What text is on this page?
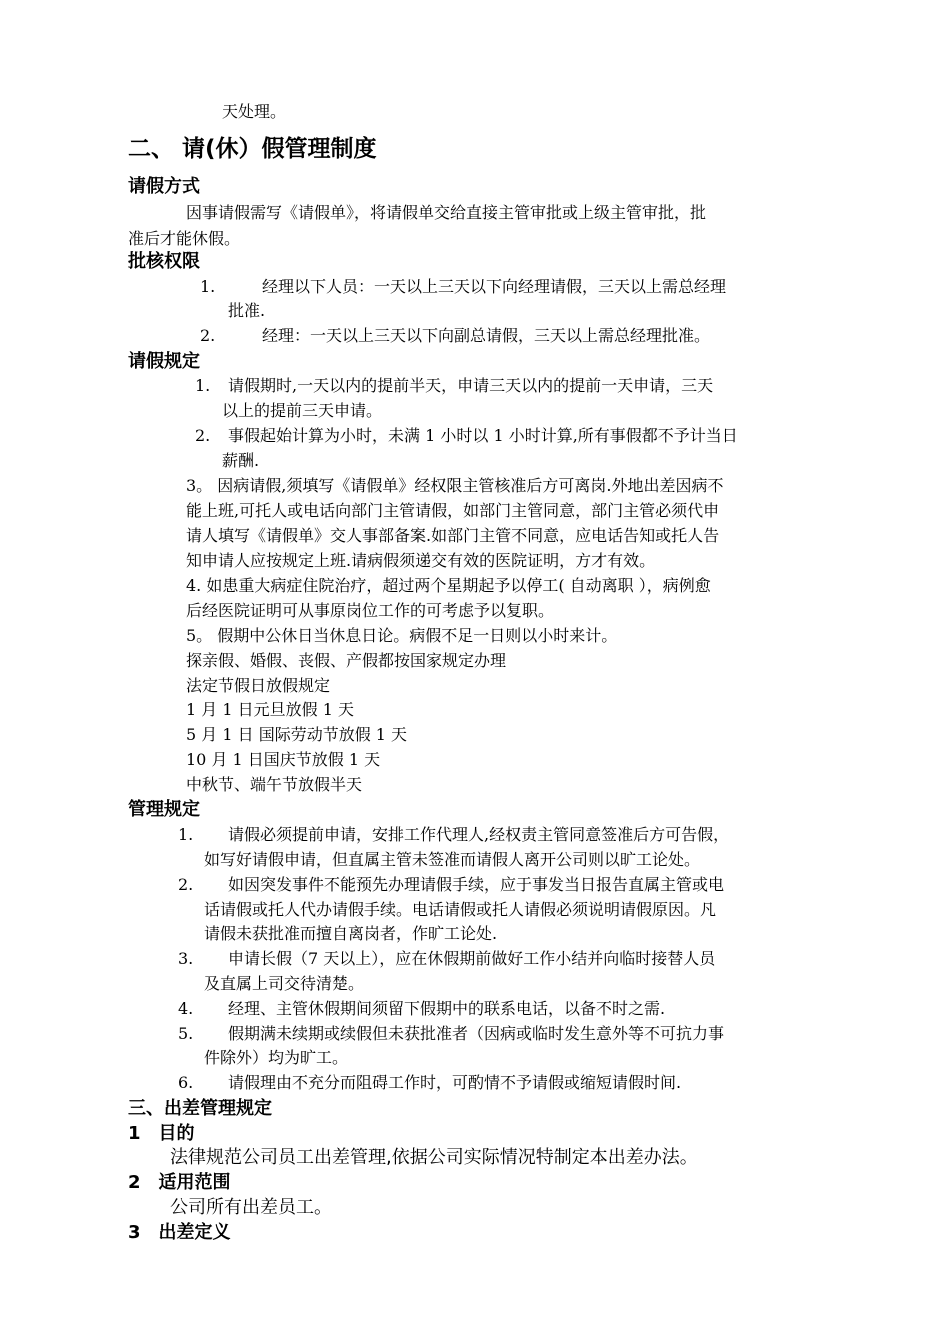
天处理。
二、 请(休）假管理制度
请假方式
因事请假需写《请假单》，将请假单交给直接主管审批或上级主管审批，批
准后才能休假。
批核权限
1.	经理以下人员：一天以上三天以下向经理请假，三天以上需总经理
批准.
2.	经理：一天以上三天以下向副总请假，三天以上需总经理批准。
请假规定
1. 请假期时,一天以内的提前半天，申请三天以内的提前一天申请，三天
以上的提前三天申请。
2. 事假起始计算为小时，未满 1 小时以 1 小时计算,所有事假都不予计当日
薪酬.
3。 因病请假,须填写《请假单》经权限主管核准后方可离岗.外地出差因病不
能上班,可托人或电话向部门主管请假，如部门主管同意，部门主管必须代申
请人填写《请假单》交人事部备案.如部门主管不同意，应电话告知或托人告
知申请人应按规定上班.请病假须递交有效的医院证明，方才有效。
4. 如患重大病症住院治疗，超过两个星期起予以停工( 自动离职 ），病例愈
后经医院证明可从事原岗位工作的可考虑予以复职。
5。 假期中公休日当休息日论。病假不足一日则以小时来计。
探亲假、婚假、丧假、产假都按国家规定办理
法定节假日放假规定
1 月 1 日元旦放假 1 天
5 月 1 日 国际劳动节放假 1 天
10 月 1 日国庆节放假 1 天
中秋节、端午节放假半天
管理规定
1. 请假必须提前申请，安排工作代理人,经权责主管同意签准后方可告假，
如写好请假申请，但直属主管未签准而请假人离开公司则以旷工论处。
2. 如因突发事件不能预先办理请假手续，应于事发当日报告直属主管或电
话请假或托人代办请假手续。电话请假或托人请假必须说明请假原因。凡
请假未获批准而擅自离岗者，作旷工论处.
3. 申请长假（7 天以上），应在休假期前做好工作小结并向临时接替人员
及直属上司交待清楚。
4. 经理、主管休假期间须留下假期中的联系电话，以备不时之需.
5. 假期满未续期或续假但未获批准者（因病或临时发生意外等不可抗力事
件除外）均为旷工。
6. 请假理由不充分而阻碍工作时，可酌情不予请假或缩短请假时间.
三、出差管理规定
1　目的
法律规范公司员工出差管理,依据公司实际情况特制定本出差办法。
2　适用范围
公司所有出差员工。
3　出差定义
